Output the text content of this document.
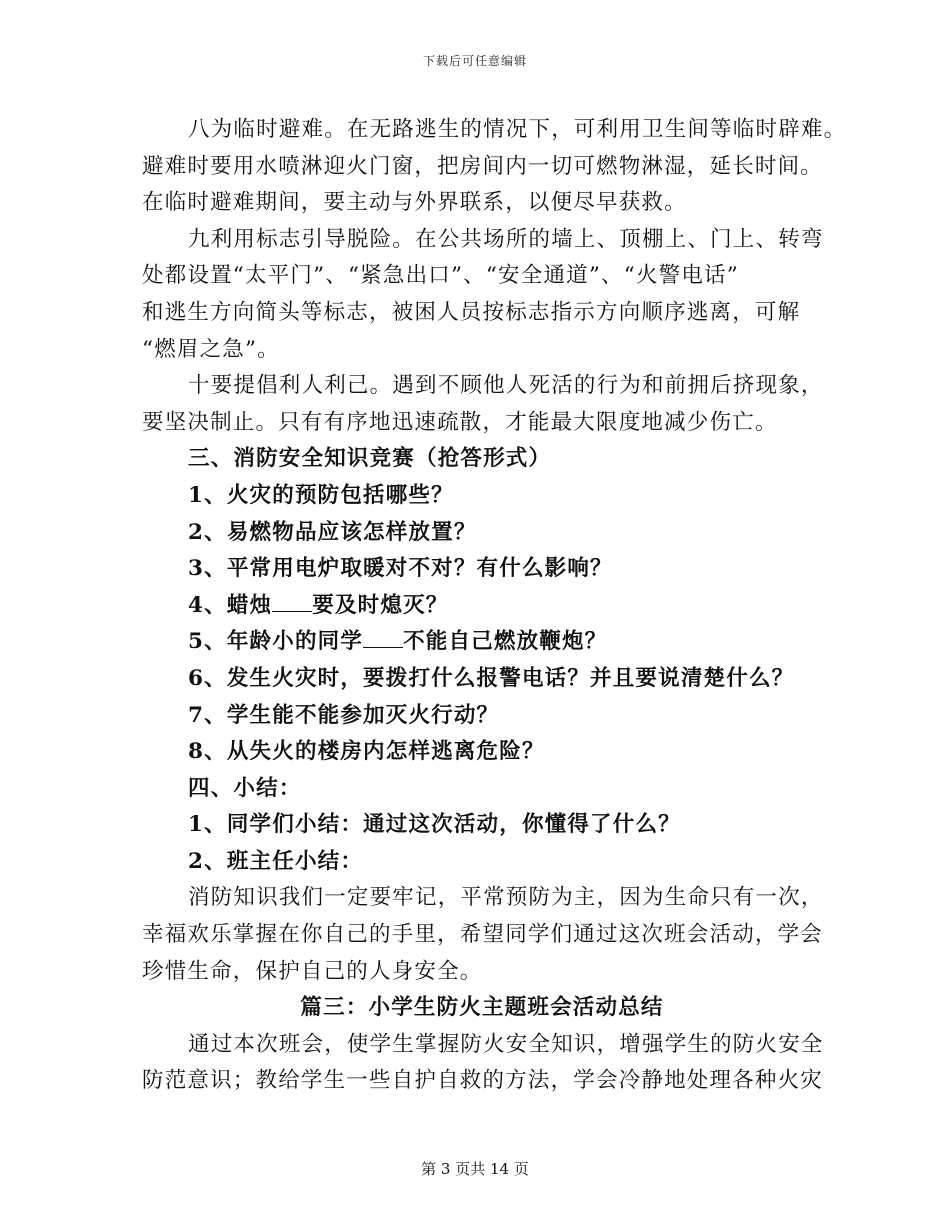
下载后可任意编辑
八为临时避难。在无路逃生的情况下，可利用卫生间等临时辟难。
避难时要用水喷淋迎火门窗，把房间内一切可燃物淋湿，延长时间。
在临时避难期间，要主动与外界联系，以便尽早获救。
九利用标志引导脱险。在公共场所的墙上、顶棚上、门上、转弯
处都设置“太平门”、“紧急出口”、“安全通道”、“火警电话”
和逃生方向简头等标志，被困人员按标志指示方向顺序逃离，可解
“燃眉之急”。
十要提倡利人利己。遇到不顾他人死活的行为和前拥后挤现象，
要坚决制止。只有有序地迅速疏散，才能最大限度地减少伤亡。
三、消防安全知识竞赛（抢答形式）
1、火灾的预防包括哪些？
2、易燃物品应该怎样放置？
3、平常用电炉取暖对不对？有什么影响？
4、蜡烛 要及时熄灭？
5、年龄小的同学 不能自己燃放鞭炮？
6、发生火灾时，要拨打什么报警电话？并且要说清楚什么？
7、学生能不能参加灭火行动？
8、从失火的楼房内怎样逃离危险？
四、小结：
1、同学们小结：通过这次活动，你懂得了什么？
2、班主任小结：
消防知识我们一定要牢记，平常预防为主，因为生命只有一次，
幸福欢乐掌握在你自己的手里，希望同学们通过这次班会活动，学会
珍惜生命，保护自己的人身安全。
篇三：小学生防火主题班会活动总结
通过本次班会，使学生掌握防火安全知识，增强学生的防火安全
防范意识；教给学生一些自护自救的方法，学会冷静地处理各种火灾
第 3 页共 14 页
